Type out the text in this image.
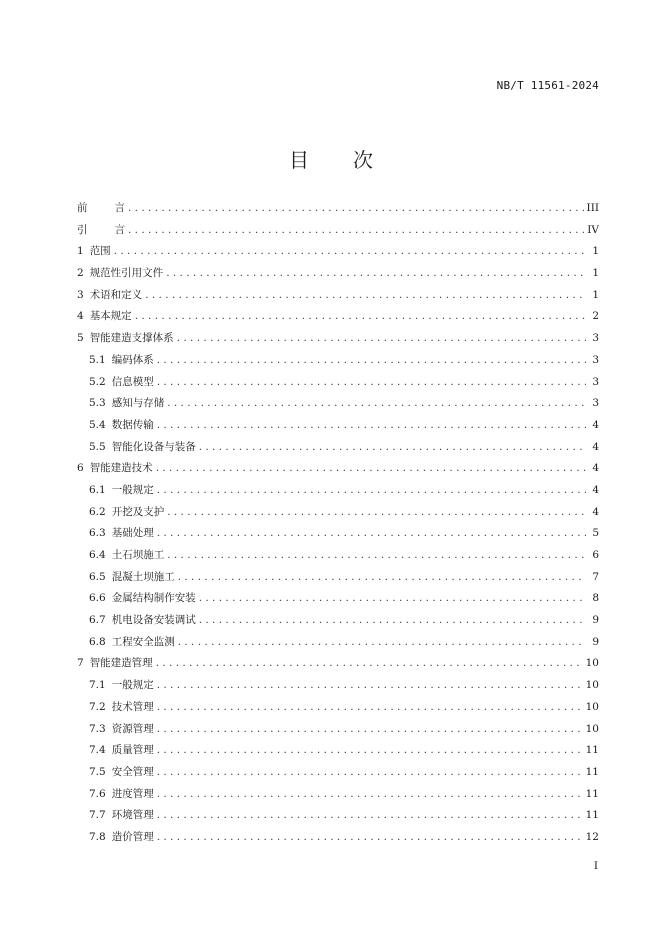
NB/T 11561-2024
目 次
前言 . . .	III
引言 . . .	IV
1 范围 . . .	1
2 规范性引用文件 . . .	1
3 术语和定义 . . .	1
4 基本规定 . . .	2
5 智能建造支撑体系 . . .	3
5.1 编码体系 . . .	3
5.2 信息模型 . . .	3
5.3 感知与存储 . . .	3
5.4 数据传输 . . .	4
5.5 智能化设备与装备 . . .	4
6 智能建造技术 . . .	4
6.1 一般规定 . . .	4
6.2 开挖及支护 . . .	4
6.3 基础处理 . . .	5
6.4 土石坝施工 . . .	6
6.5 混凝土坝施工 . . .	7
6.6 金属结构制作安装 . . .	8
6.7 机电设备安装调试 . . .	9
6.8 工程安全监测 . . .	9
7 智能建造管理 . . .	10
7.1 一般规定 . . .	10
7.2 技术管理 . . .	10
7.3 资源管理 . . .	10
7.4 质量管理 . . .	11
7.5 安全管理 . . .	11
7.6 进度管理 . . .	11
7.7 环境管理 . . .	11
7.8 造价管理 . . .	12
I
